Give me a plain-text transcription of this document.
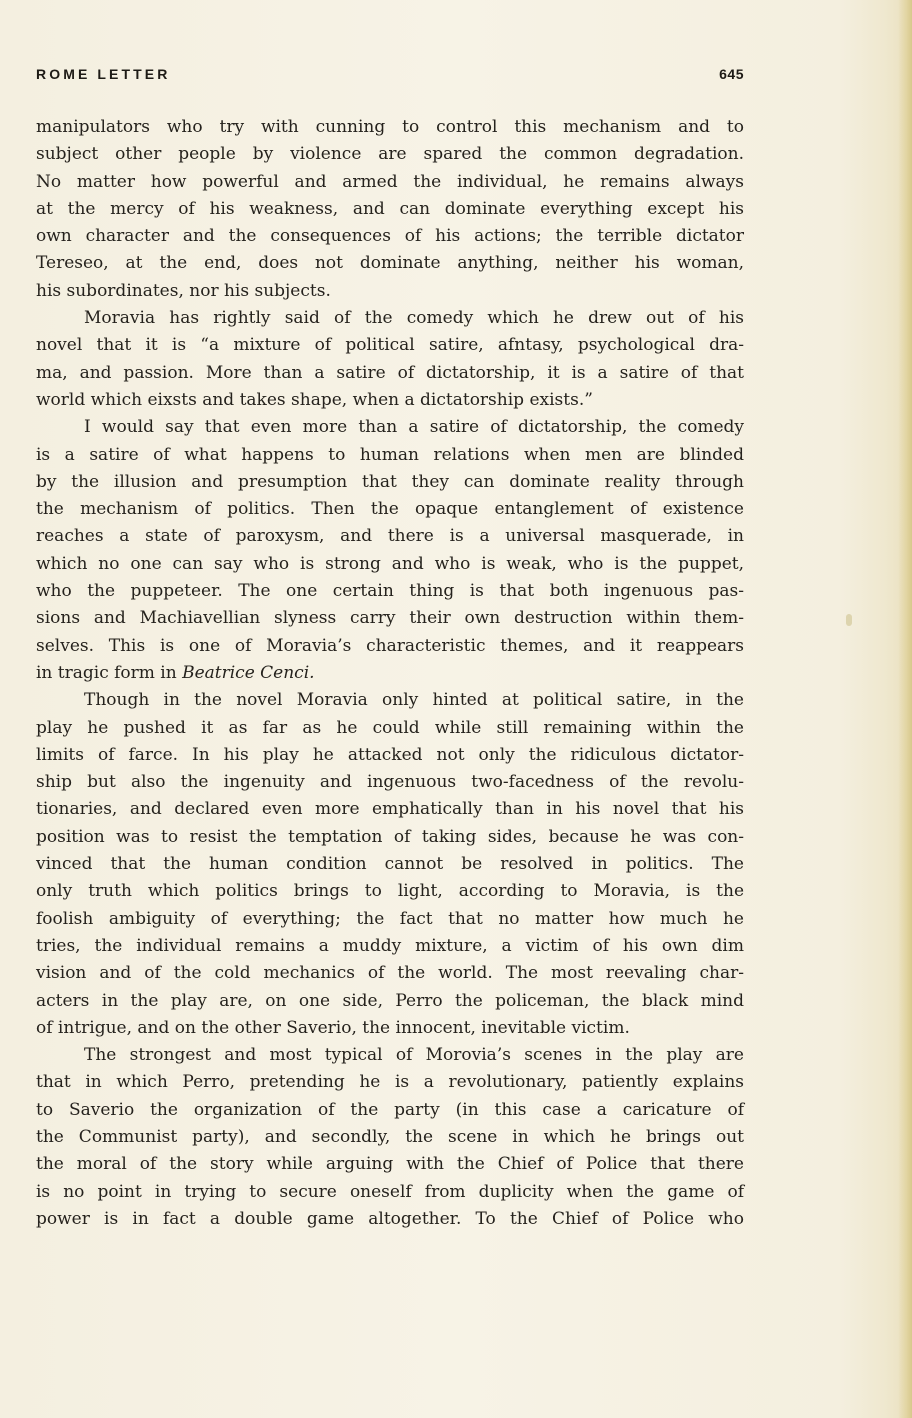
ROME LETTER	645
manipulators who try with cunning to control this mechanism and to
subject other people by violence are spared the common degradation.
No matter how powerful and armed the individual, he remains always
at the mercy of his weakness, and can dominate everything except his
own character and the consequences of his actions; the terrible dictator
Tereseo, at the end, does not dominate anything, neither his woman,
his subordinates, nor his subjects.
Moravia has rightly said of the comedy which he drew out of his
novel that it is “a mixture of political satire, afntasy, psychological dra-
ma, and passion. More than a satire of dictatorship, it is a satire of that
world which eixsts and takes shape, when a dictatorship exists.”
I would say that even more than a satire of dictatorship, the comedy
is a satire of what happens to human relations when men are blinded
by the illusion and presumption that they can dominate reality through
the mechanism of politics. Then the opaque entanglement of existence
reaches a state of paroxysm, and there is a universal masquerade, in
which no one can say who is strong and who is weak, who is the puppet,
who the puppeteer. The one certain thing is that both ingenuous pas-
sions and Machiavellian slyness carry their own destruction within them-
selves. This is one of Moravia’s characteristic themes, and it reappears
in tragic form in Beatrice Cenci.
Though in the novel Moravia only hinted at political satire, in the
play he pushed it as far as he could while still remaining within the
limits of farce. In his play he attacked not only the ridiculous dictator-
ship but also the ingenuity and ingenuous two-facedness of the revolu-
tionaries, and declared even more emphatically than in his novel that his
position was to resist the temptation of taking sides, because he was con-
vinced that the human condition cannot be resolved in politics. The
only truth which politics brings to light, according to Moravia, is the
foolish ambiguity of everything; the fact that no matter how much he
tries, the individual remains a muddy mixture, a victim of his own dim
vision and of the cold mechanics of the world. The most reevaling char-
acters in the play are, on one side, Perro the policeman, the black mind
of intrigue, and on the other Saverio, the innocent, inevitable victim.
The strongest and most typical of Morovia’s scenes in the play are
that in which Perro, pretending he is a revolutionary, patiently explains
to Saverio the organization of the party (in this case a caricature of
the Communist party), and secondly, the scene in which he brings out
the moral of the story while arguing with the Chief of Police that there
is no point in trying to secure oneself from duplicity when the game of
power is in fact a double game altogether. To the Chief of Police who
